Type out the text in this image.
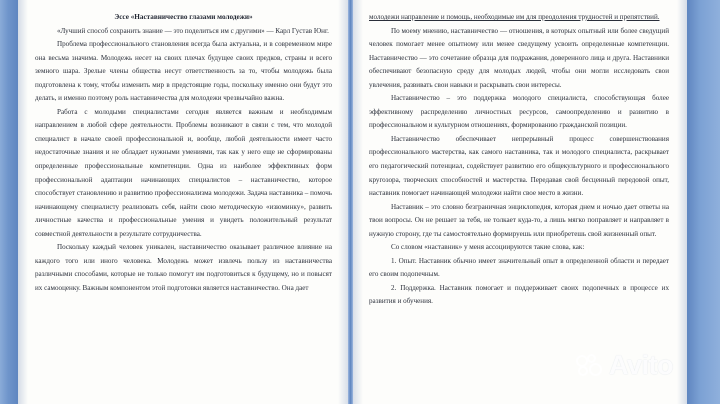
Эссе «Наставничество глазами молодежи»

«Лучший способ сохранить знание — это поделиться им с другими» — Карл Густав Юнг.

Проблема профессионального становления всегда была актуальна, и в современном мире она весьма значима. Молодежь несет на своих плечах будущее своих предков, страны и всего земного шара. Зрелые члены общества несут ответственность за то, чтобы молодежь была подготовлена к тому, чтобы изменить мир в предстоящие годы, поскольку именно они будут это делать, и именно поэтому роль наставничества для молодежи чрезвычайно важна.

Работа с молодыми специалистами сегодня является важным и необходимым направлением в любой сфере деятельности. Проблемы возникают в связи с тем, что молодой специалист в начале своей профессиональной и, вообще, любой деятельности имеет часто недостаточные знания и не обладает нужными умениями, так как у него еще не сформированы определенные профессиональные компетенции. Одна из наиболее эффективных форм профессиональной адаптации начинающих специалистов – наставничество, которое способствует становлению и развитию профессионализма молодежи. Задача наставника – помочь начинающему специалисту реализовать себя, найти свою методическую «изюминку», развить личностные качества и профессиональные умения и увидеть положительный результат совместной деятельности в результате сотрудничества.

Поскольку каждый человек уникален, наставничество оказывает различное влияние на каждого того или иного человека. Молодежь может извлечь пользу из наставничества различными способами, которые не только помогут им подготовиться к будущему, но и повысят их самооценку. Важным компонентом этой подготовки является наставничество. Она дает

молодежи направление и помощь, необходимые им для преодоления трудностей и препятствий.

По моему мнению, наставничество — отношения, в которых опытный или более сведущий человек помогает менее опытному или менее сведущему усвоить определенные компетенции. Наставничество — это сочетание образца для подражания, доверенного лица и друга. Наставники обеспечивают безопасную среду для молодых людей, чтобы они могли исследовать свои увлечения, развивать свои навыки и раскрывать свои интересы.

Наставничество – это поддержка молодого специалиста, способствующая более эффективному распределению личностных ресурсов, самоопределению и развитию в профессиональном и культурном отношениях, формированию гражданской позиции.

Наставничество обеспечивает непрерывный процесс совершенствования профессионального мастерства, как самого наставника, так и молодого специалиста, раскрывает его педагогический потенциал, содействует развитию его общекультурного и профессионального кругозора, творческих способностей и мастерства. Передавая свой бесценный передовой опыт, наставник помогает начинающей молодежи найти свое место в жизни.

Наставник – это словно безграничная энциклопедия, которая днем и ночью дает ответы на твои вопросы. Он не решает за тебя, не толкает куда-то, а лишь мягко поправляет и направляет в нужную сторону, где ты самостоятельно формируешь или приобретешь свой жизненный опыт.

Со словом «наставник» у меня ассоциируются такие слова, как:

1. Опыт. Наставник обычно имеет значительный опыт в определенной области и передает его своим подопечным.

2. Поддержка. Наставник помогает и поддерживает своих подопечных в процессе их развития и обучения.

Avito
